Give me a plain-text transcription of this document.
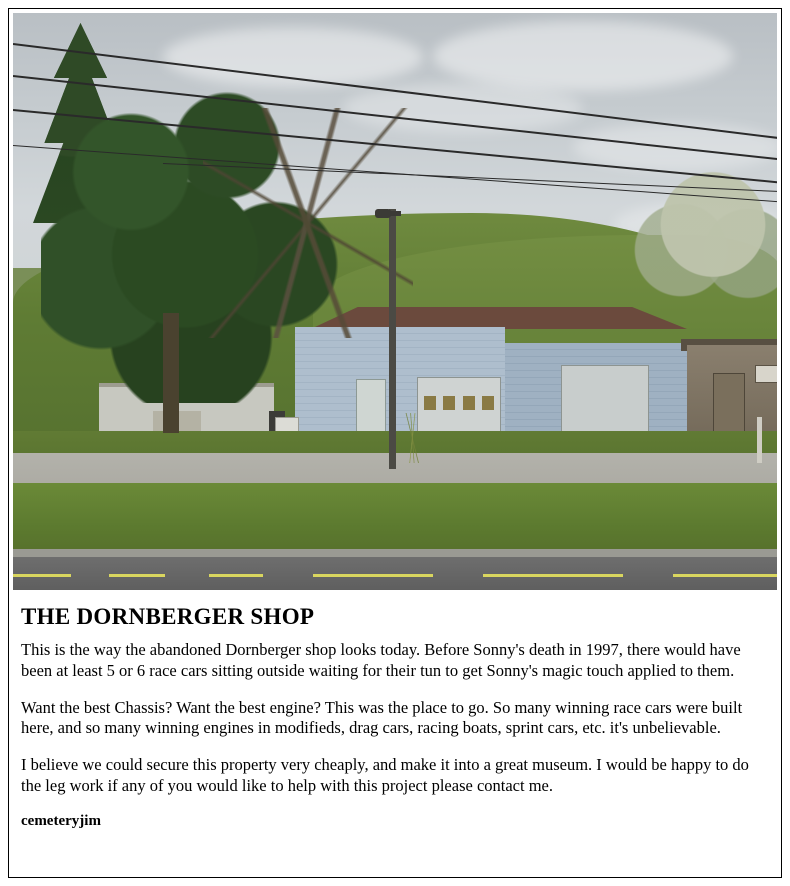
THE DORNBERGER SHOP

This is the way the abandoned Dornberger shop looks today. Before Sonny's death in 1997, there would have been at least 5 or 6 race cars sitting outside waiting for their tun to get Sonny's magic touch applied to them.

Want the best Chassis? Want the best engine? This was the place to go. So many winning race cars were built here, and so many winning engines in modifieds, drag cars, racing boats, sprint cars, etc. it's unbelievable.

I believe we could secure this property very cheaply, and make it into a great museum. I would be happy to do the leg work if any of you would like to help with this project please contact me.

cemeteryjim
